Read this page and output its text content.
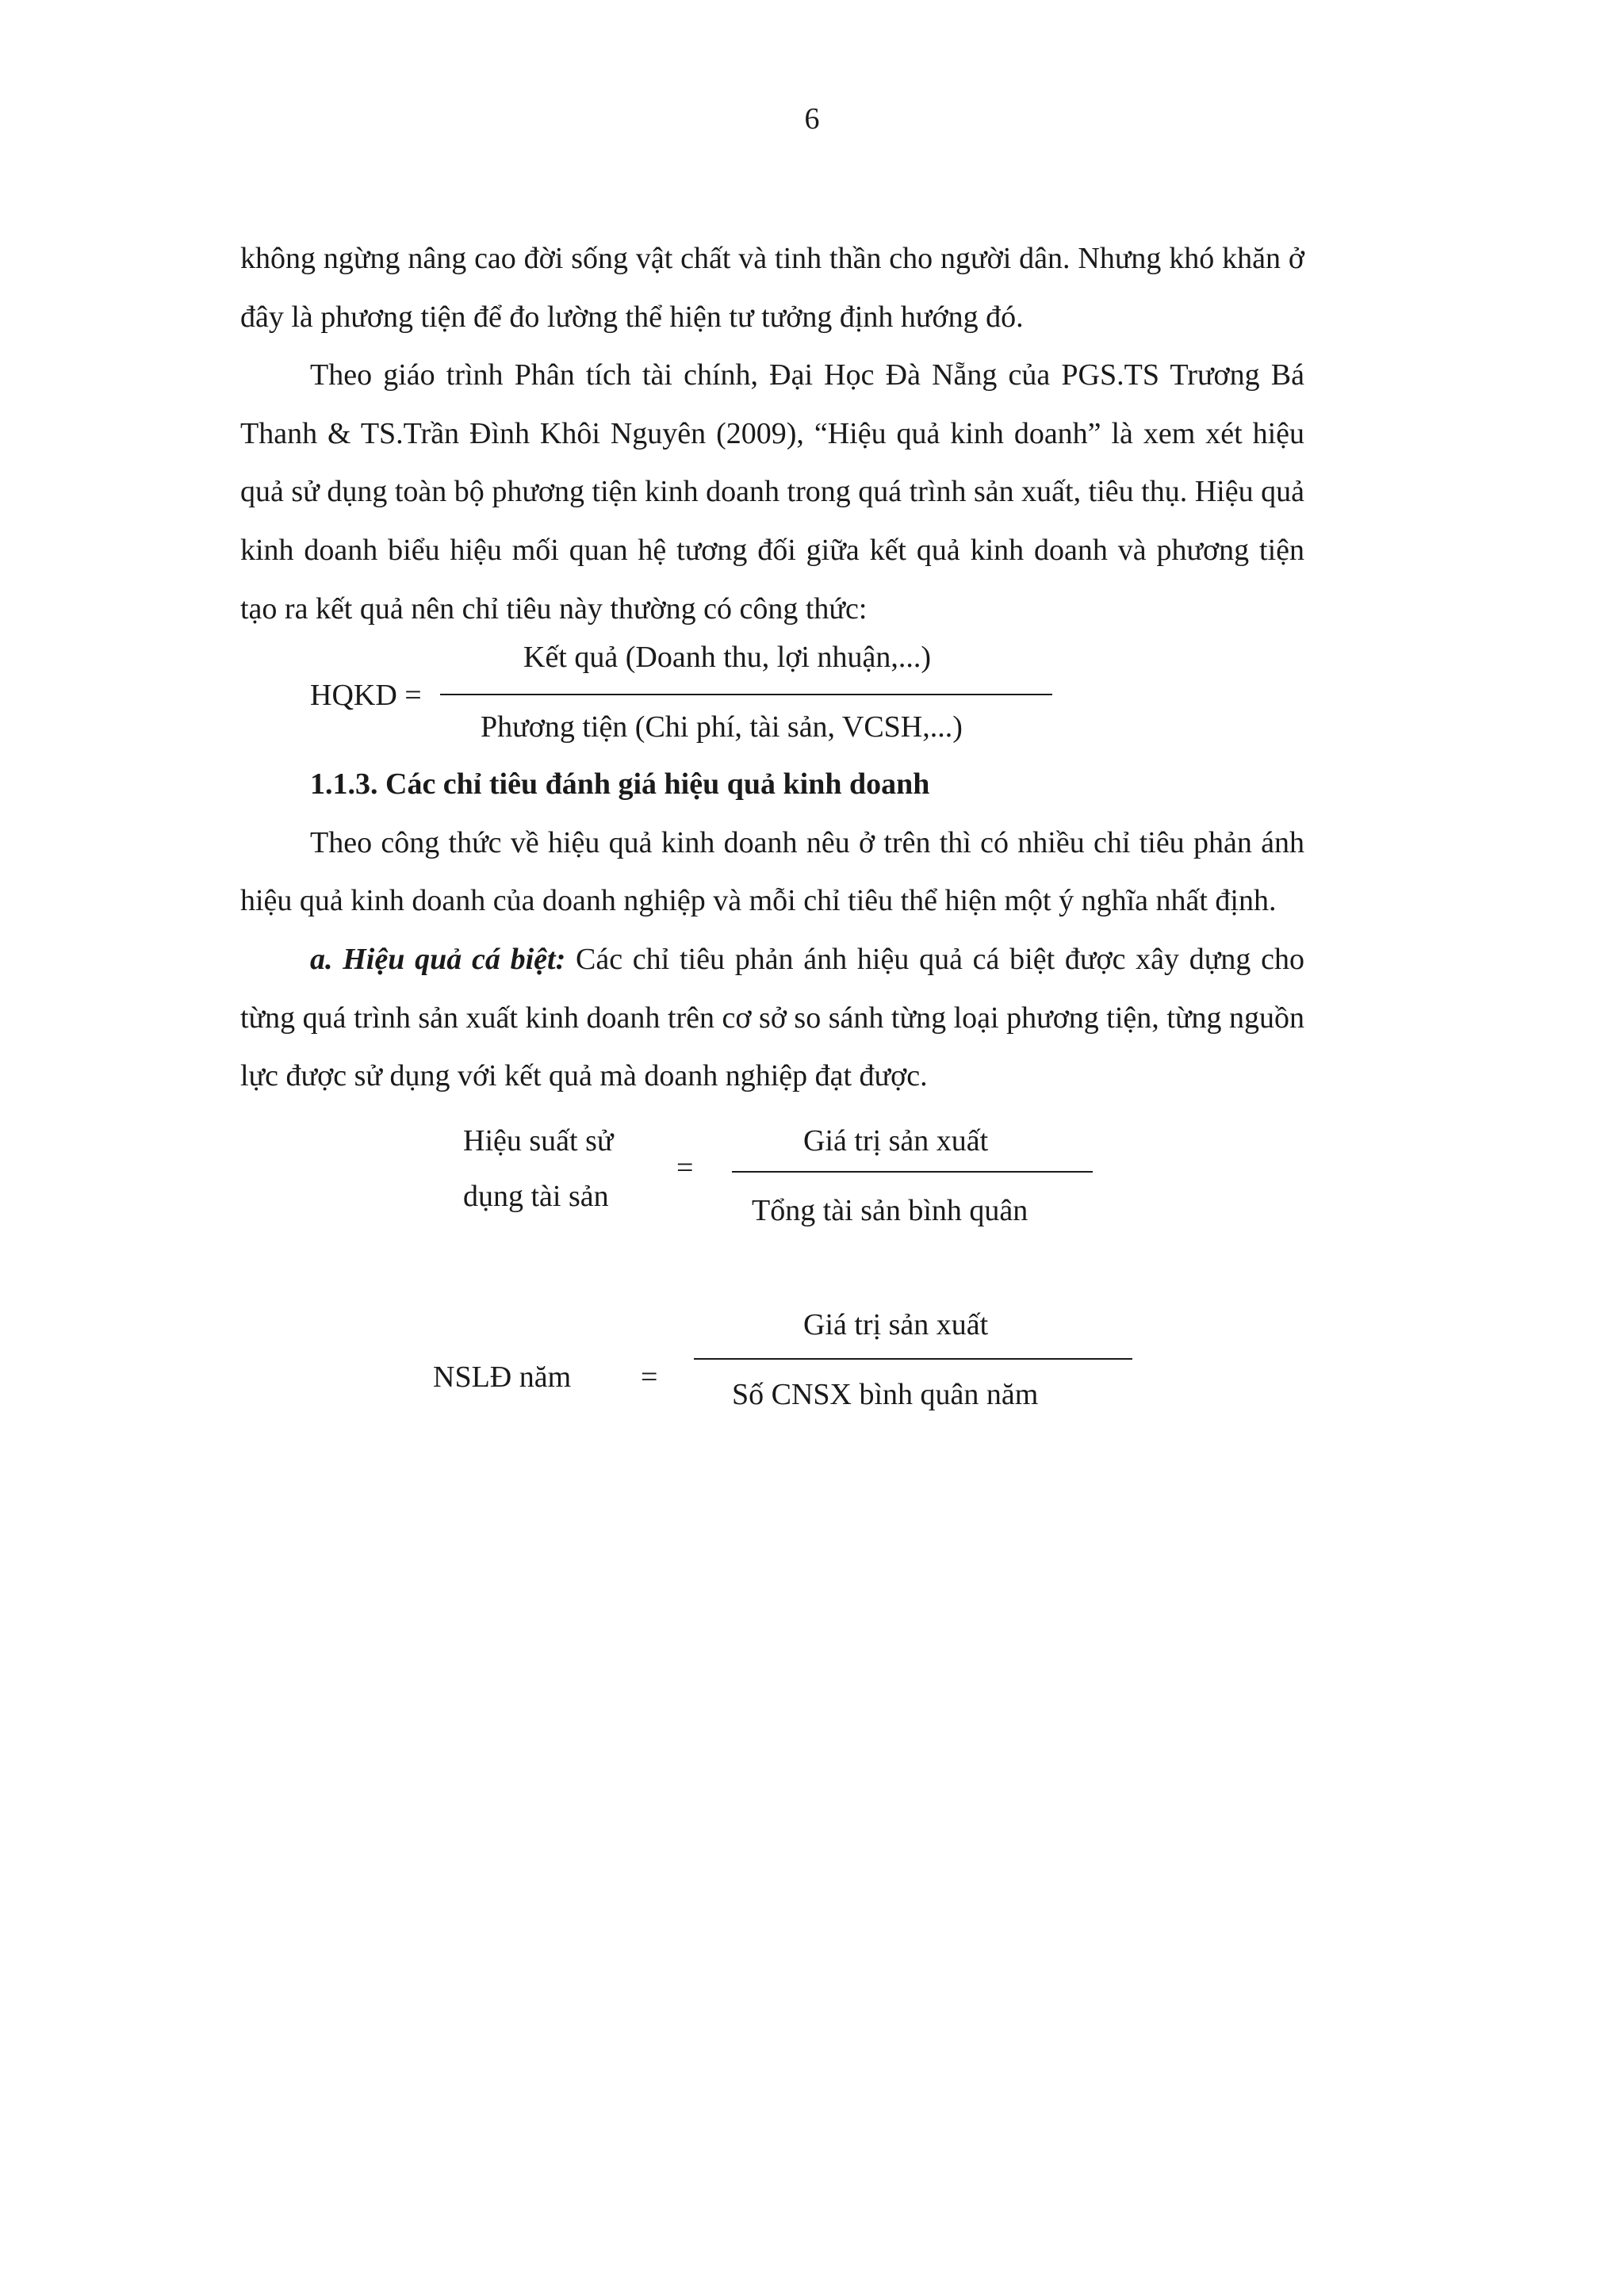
6

không ngừng nâng cao đời sống vật chất và tinh thần cho người dân. Nhưng khó khăn ở đây là phương tiện để đo lường thể hiện tư tưởng định hướng đó.

Theo giáo trình Phân tích tài chính, Đại Học Đà Nẵng của PGS.TS Trương Bá Thanh & TS.Trần Đình Khôi Nguyên (2009), “Hiệu quả kinh doanh” là xem xét hiệu quả sử dụng toàn bộ phương tiện kinh doanh trong quá trình sản xuất, tiêu thụ. Hiệu quả kinh doanh biểu hiệu mối quan hệ tương đối giữa kết quả kinh doanh và phương tiện tạo ra kết quả nên chỉ tiêu này thường có công thức:

HQKD =
Kết quả (Doanh thu, lợi nhuận,...)
Phương tiện (Chi phí, tài sản, VCSH,...)

1.1.3. Các chỉ tiêu đánh giá hiệu quả kinh doanh

Theo công thức về hiệu quả kinh doanh nêu ở trên thì có nhiều chỉ tiêu phản ánh hiệu quả kinh doanh của doanh nghiệp và mỗi chỉ tiêu thể hiện một ý nghĩa nhất định.

a. Hiệu quả cá biệt: Các chỉ tiêu phản ánh hiệu quả cá biệt được xây dựng cho từng quá trình sản xuất kinh doanh trên cơ sở so sánh từng loại phương tiện, từng nguồn lực được sử dụng với kết quả mà doanh nghiệp đạt được.

Hiệu suất sử
dụng tài sản
=
Giá trị sản xuất
Tổng tài sản bình quân
NSLĐ năm =
Giá trị sản xuất
Số CNSX bình quân năm
